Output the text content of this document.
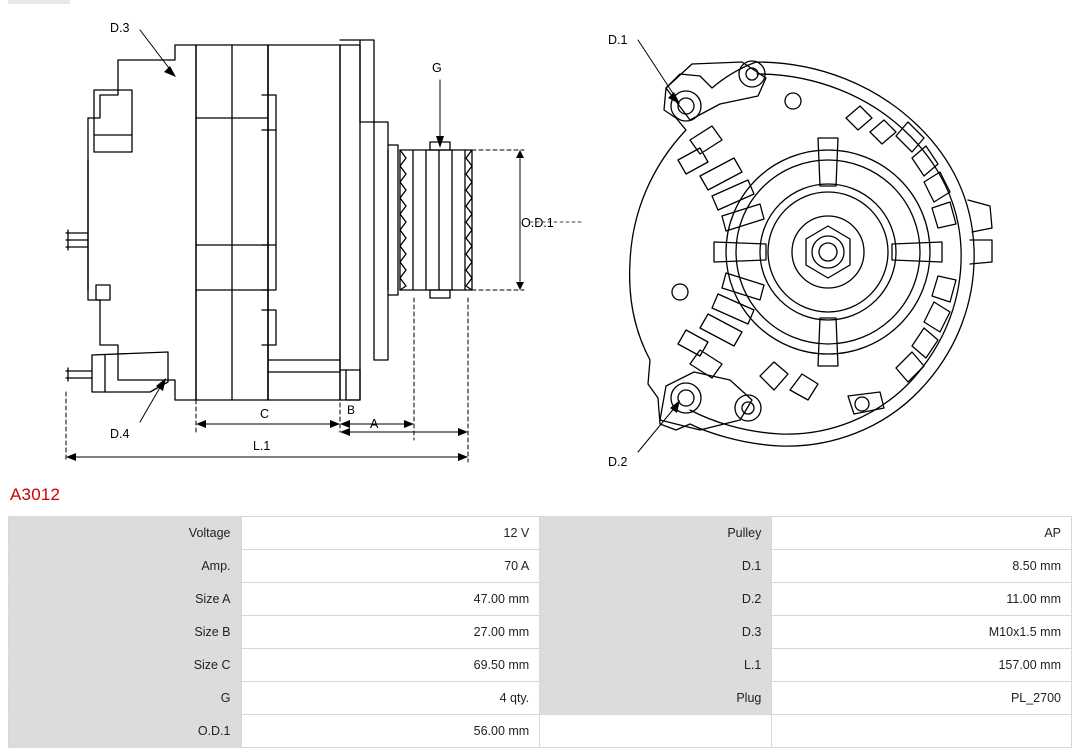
O.D.1
G
D.3
D.4
C	B
A
L.1
D.1
D.2
A3012
Voltage	12 V	Pulley	AP
Amp.	70 A	D.1	8.50 mm
Size A	47.00 mm	D.2	11.00 mm
Size B	27.00 mm	D.3	M10x1.5 mm
Size C	69.50 mm	L.1	157.00 mm
G	4 qty.	Plug	PL_2700
O.D.1	56.00 mm		
